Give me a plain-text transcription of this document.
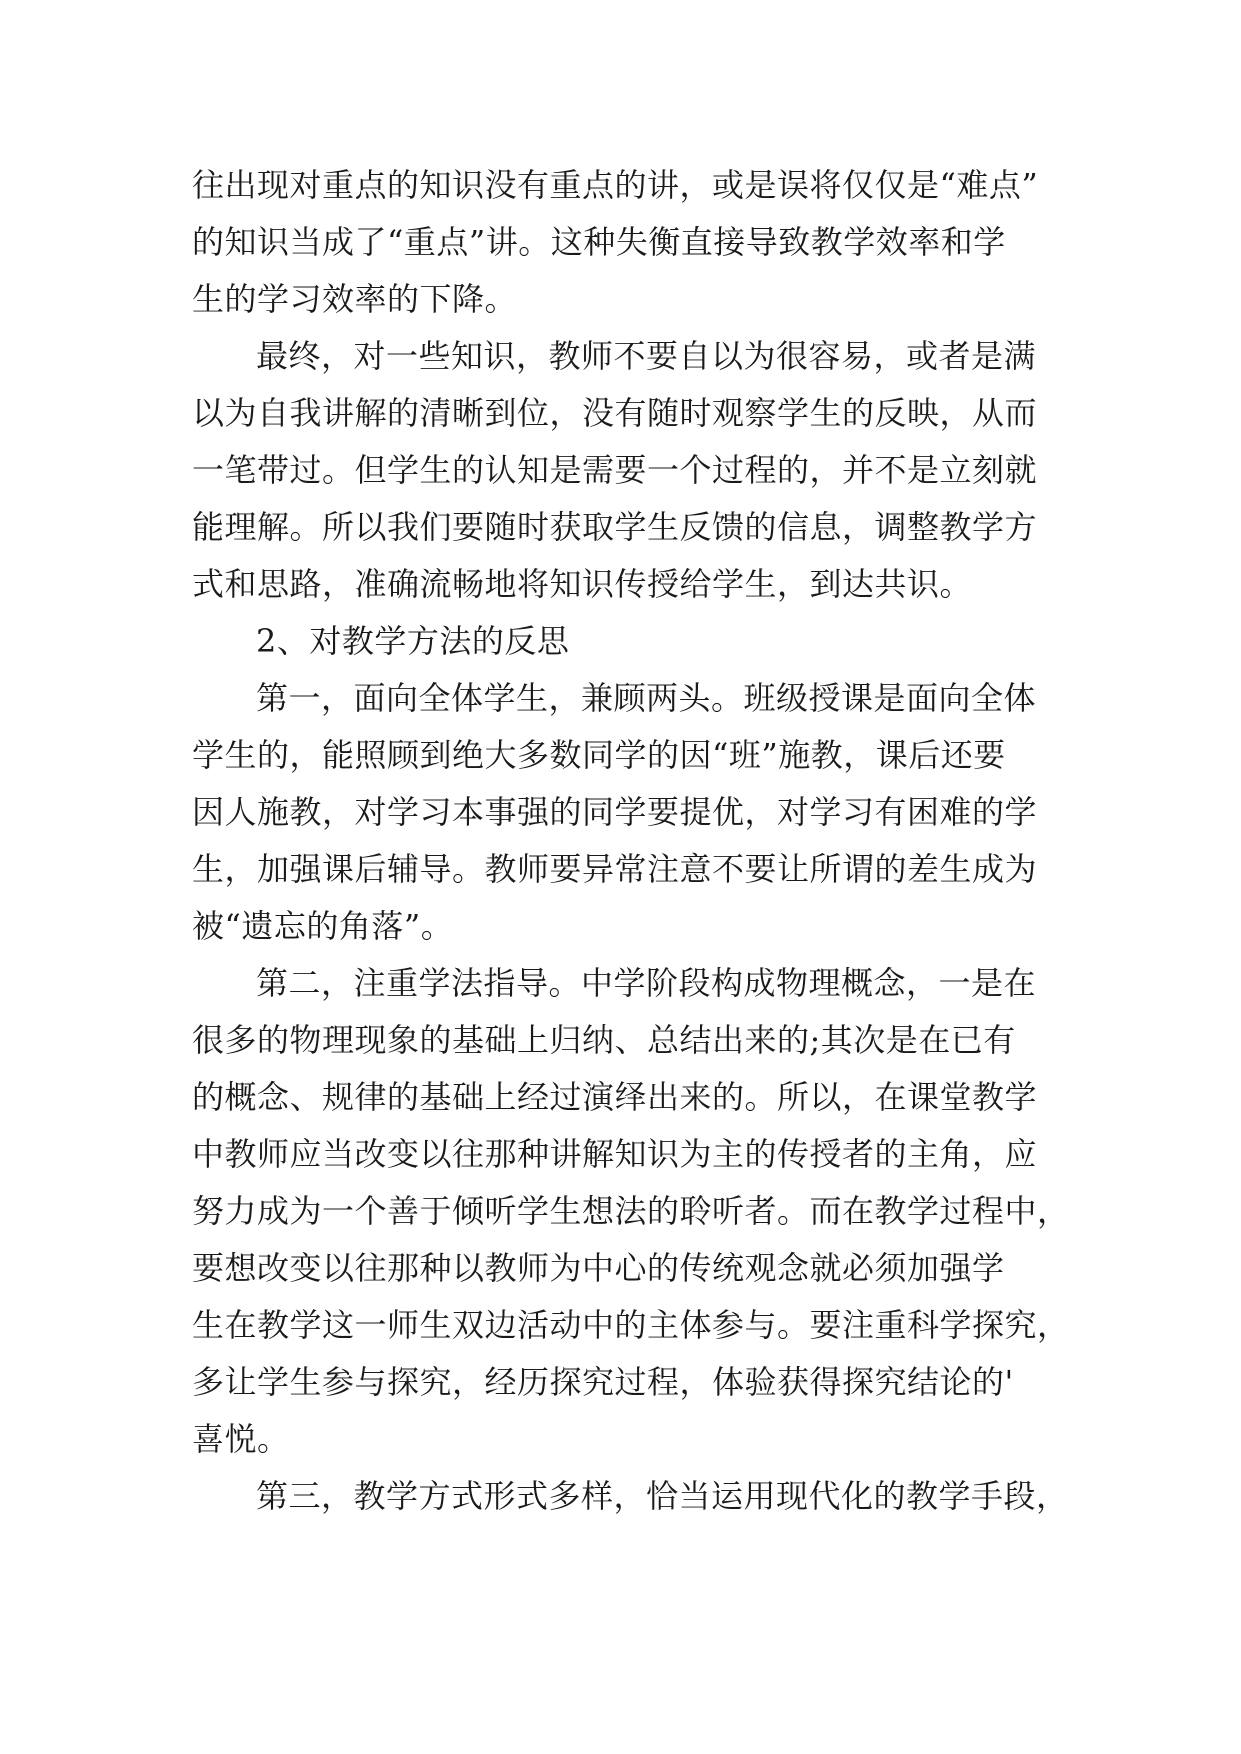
往出现对重点的知识没有重点的讲，或是误将仅仅是“难点”
的知识当成了“重点”讲。这种失衡直接导致教学效率和学
生的学习效率的下降。
最终，对一些知识，教师不要自以为很容易，或者是满
以为自我讲解的清晰到位，没有随时观察学生的反映，从而
一笔带过。但学生的认知是需要一个过程的，并不是立刻就
能理解。所以我们要随时获取学生反馈的信息，调整教学方
式和思路，准确流畅地将知识传授给学生，到达共识。
2、对教学方法的反思
第一，面向全体学生，兼顾两头。班级授课是面向全体
学生的，能照顾到绝大多数同学的因“班”施教，课后还要
因人施教，对学习本事强的同学要提优，对学习有困难的学
生，加强课后辅导。教师要异常注意不要让所谓的差生成为
被“遗忘的角落”。
第二，注重学法指导。中学阶段构成物理概念，一是在
很多的物理现象的基础上归纳、总结出来的;其次是在已有
的概念、规律的基础上经过演绎出来的。所以，在课堂教学
中教师应当改变以往那种讲解知识为主的传授者的主角，应
努力成为一个善于倾听学生想法的聆听者。而在教学过程中，
要想改变以往那种以教师为中心的传统观念就必须加强学
生在教学这一师生双边活动中的主体参与。要注重科学探究，
多让学生参与探究，经历探究过程，体验获得探究结论的'
喜悦。
第三，教学方式形式多样，恰当运用现代化的教学手段，
